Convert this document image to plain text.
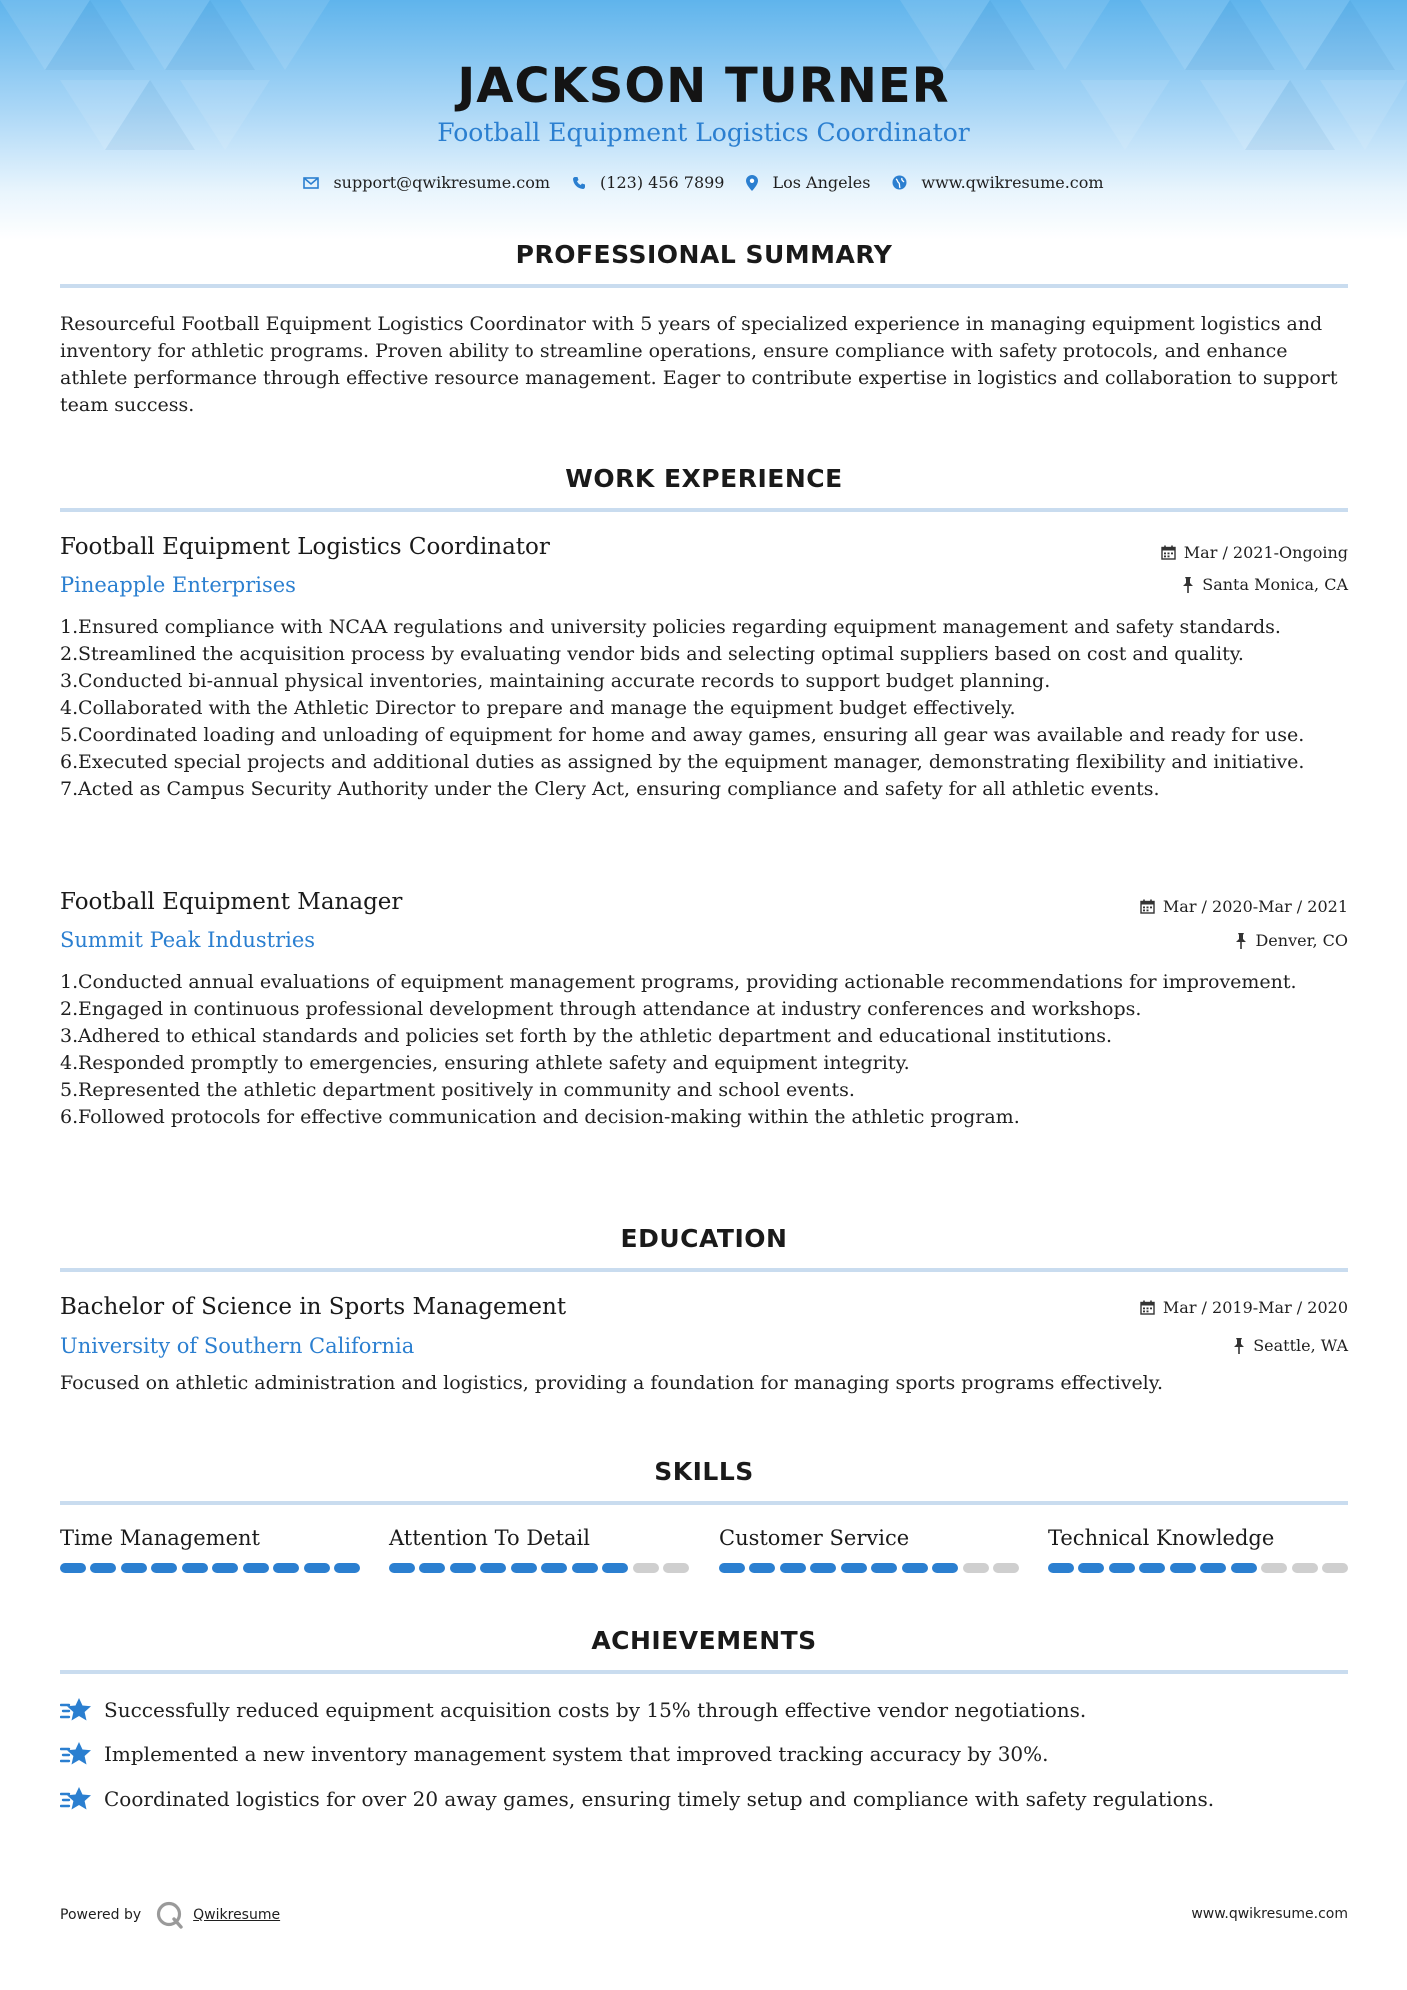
JACKSON TURNER
Football Equipment Logistics Coordinator
support@qwikresume.com	(123) 456 7899	Los Angeles	www.qwikresume.com
PROFESSIONAL SUMMARY
Resourceful Football Equipment Logistics Coordinator with 5 years of specialized experience in managing equipment logistics and inventory for athletic programs. Proven ability to streamline operations, ensure compliance with safety protocols, and enhance athlete performance through effective resource management. Eager to contribute expertise in logistics and collaboration to support team success.
WORK EXPERIENCE
Football Equipment Logistics Coordinator
Pineapple Enterprises
Mar / 2021-Ongoing
Santa Monica, CA
1. Ensured compliance with NCAA regulations and university policies regarding equipment management and safety standards.
2. Streamlined the acquisition process by evaluating vendor bids and selecting optimal suppliers based on cost and quality.
3. Conducted bi-annual physical inventories, maintaining accurate records to support budget planning.
4. Collaborated with the Athletic Director to prepare and manage the equipment budget effectively.
5. Coordinated loading and unloading of equipment for home and away games, ensuring all gear was available and ready for use.
6. Executed special projects and additional duties as assigned by the equipment manager, demonstrating flexibility and initiative.
7. Acted as Campus Security Authority under the Clery Act, ensuring compliance and safety for all athletic events.
Football Equipment Manager
Summit Peak Industries
Mar / 2020-Mar / 2021
Denver, CO
1. Conducted annual evaluations of equipment management programs, providing actionable recommendations for improvement.
2. Engaged in continuous professional development through attendance at industry conferences and workshops.
3. Adhered to ethical standards and policies set forth by the athletic department and educational institutions.
4. Responded promptly to emergencies, ensuring athlete safety and equipment integrity.
5. Represented the athletic department positively in community and school events.
6. Followed protocols for effective communication and decision-making within the athletic program.
EDUCATION
Bachelor of Science in Sports Management
University of Southern California
Mar / 2019-Mar / 2020
Seattle, WA
Focused on athletic administration and logistics, providing a foundation for managing sports programs effectively.
SKILLS
Time Management	Attention To Detail	Customer Service	Technical Knowledge
ACHIEVEMENTS
Successfully reduced equipment acquisition costs by 15% through effective vendor negotiations.
Implemented a new inventory management system that improved tracking accuracy by 30%.
Coordinated logistics for over 20 away games, ensuring timely setup and compliance with safety regulations.
Powered by	Qwikresume	www.qwikresume.com
